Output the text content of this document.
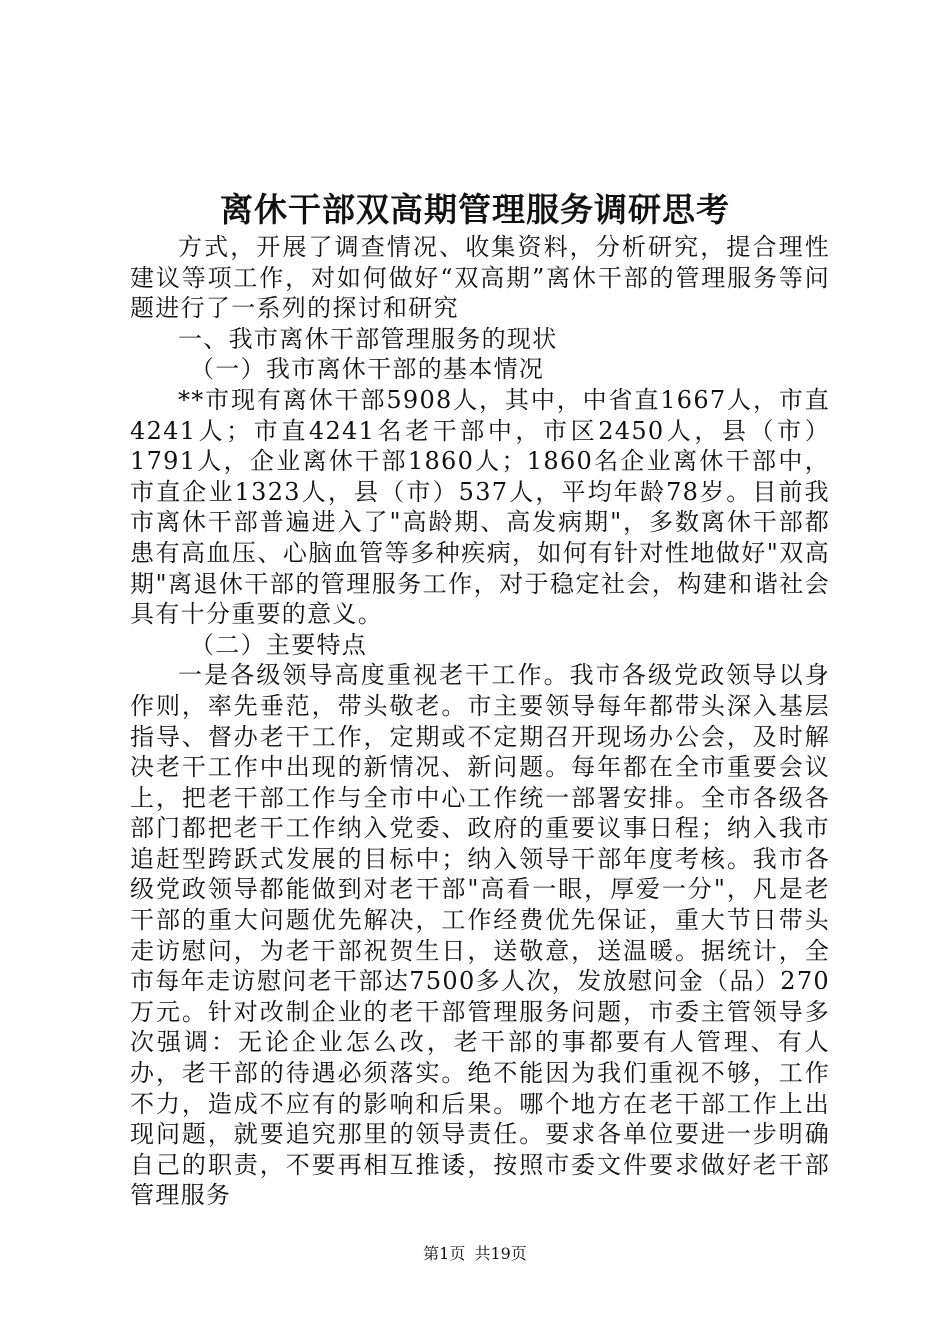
离休干部双高期管理服务调研思考

方式，开展了调查情况、收集资料，分析研究，提合理性建议等项工作，对如何做好“双高期”离休干部的管理服务等问题进行了一系列的探讨和研究

一、我市离休干部管理服务的现状

（一）我市离休干部的基本情况

**市现有离休干部5908人，其中，中省直1667人，市直4241人；市直4241名老干部中，市区2450人，县（市）1791人，企业离休干部1860人；1860名企业离休干部中，市直企业1323人，县（市）537人，平均年龄78岁。目前我市离休干部普遍进入了"高龄期、高发病期"，多数离休干部都患有高血压、心脑血管等多种疾病，如何有针对性地做好"双高期"离退休干部的管理服务工作，对于稳定社会，构建和谐社会具有十分重要的意义。

（二）主要特点

一是各级领导高度重视老干工作。我市各级党政领导以身作则，率先垂范，带头敬老。市主要领导每年都带头深入基层指导、督办老干工作，定期或不定期召开现场办公会，及时解决老干工作中出现的新情况、新问题。每年都在全市重要会议上，把老干部工作与全市中心工作统一部署安排。全市各级各部门都把老干工作纳入党委、政府的重要议事日程；纳入我市追赶型跨跃式发展的目标中；纳入领导干部年度考核。我市各级党政领导都能做到对老干部"高看一眼，厚爱一分"，凡是老干部的重大问题优先解决，工作经费优先保证，重大节日带头走访慰问，为老干部祝贺生日，送敬意，送温暖。据统计，全市每年走访慰问老干部达7500多人次，发放慰问金（品）270万元。针对改制企业的老干部管理服务问题，市委主管领导多次强调：无论企业怎么改，老干部的事都要有人管理、有人办，老干部的待遇必须落实。绝不能因为我们重视不够，工作不力，造成不应有的影响和后果。哪个地方在老干部工作上出现问题，就要追究那里的领导责任。要求各单位要进一步明确自己的职责，不要再相互推诿，按照市委文件要求做好老干部管理服务

第1页 共19页
